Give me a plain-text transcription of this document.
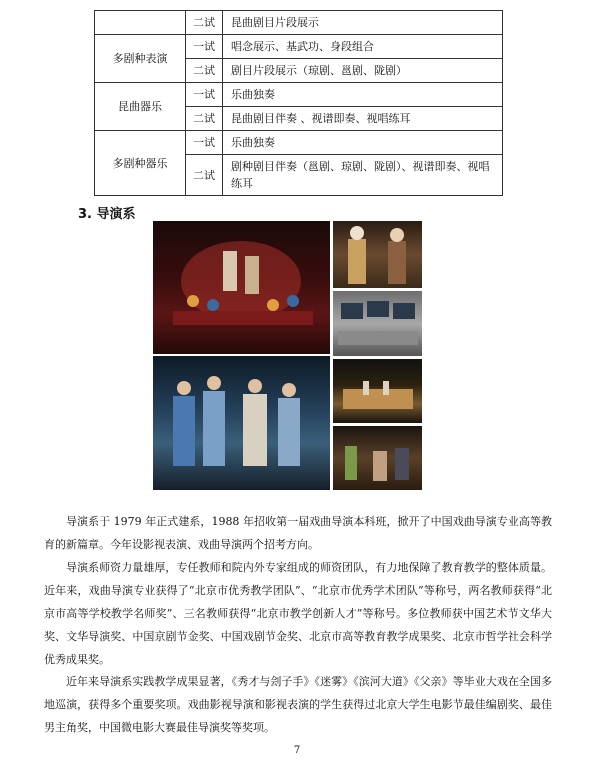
	二试	昆曲剧目片段展示
多剧种表演	一试	唱念展示、基武功、身段组合
	二试	剧目片段展示（琼剧、邕剧、陇剧）
昆曲器乐	一试	乐曲独奏
	二试	昆曲剧目伴奏 、视谱即奏、视唱练耳
多剧种器乐	一试	乐曲独奏
	二试	剧种剧目伴奏（邕剧、琼剧、陇剧）、视谱即奏、视唱练耳
3. 导演系

导演系于 1979 年正式建系，1988 年招收第一届戏曲导演本科班，掀开了中国戏曲导演专业高等教育的新篇章。今年设影视表演、戏曲导演两个招考方向。

导演系师资力量雄厚，专任教师和院内外专家组成的师资团队，有力地保障了教育教学的整体质量。近年来，戏曲导演专业获得了“北京市优秀教学团队”、“北京市优秀学术团队”等称号，两名教师获得“北京市高等学校教学名师奖”、三名教师获得“北京市教学创新人才”等称号。多位教师获中国艺术节文华大奖、文华导演奖、中国京剧节金奖、中国戏剧节金奖、北京市高等教育教学成果奖、北京市哲学社会科学优秀成果奖。

近年来导演系实践教学成果显著，《秀才与刽子手》《迷雾》《滨河大道》《父亲》等毕业大戏在全国多地巡演，获得多个重要奖项。戏曲影视导演和影视表演的学生获得过北京大学生电影节最佳编剧奖、最佳男主角奖，中国微电影大赛最佳导演奖等奖项。

7
